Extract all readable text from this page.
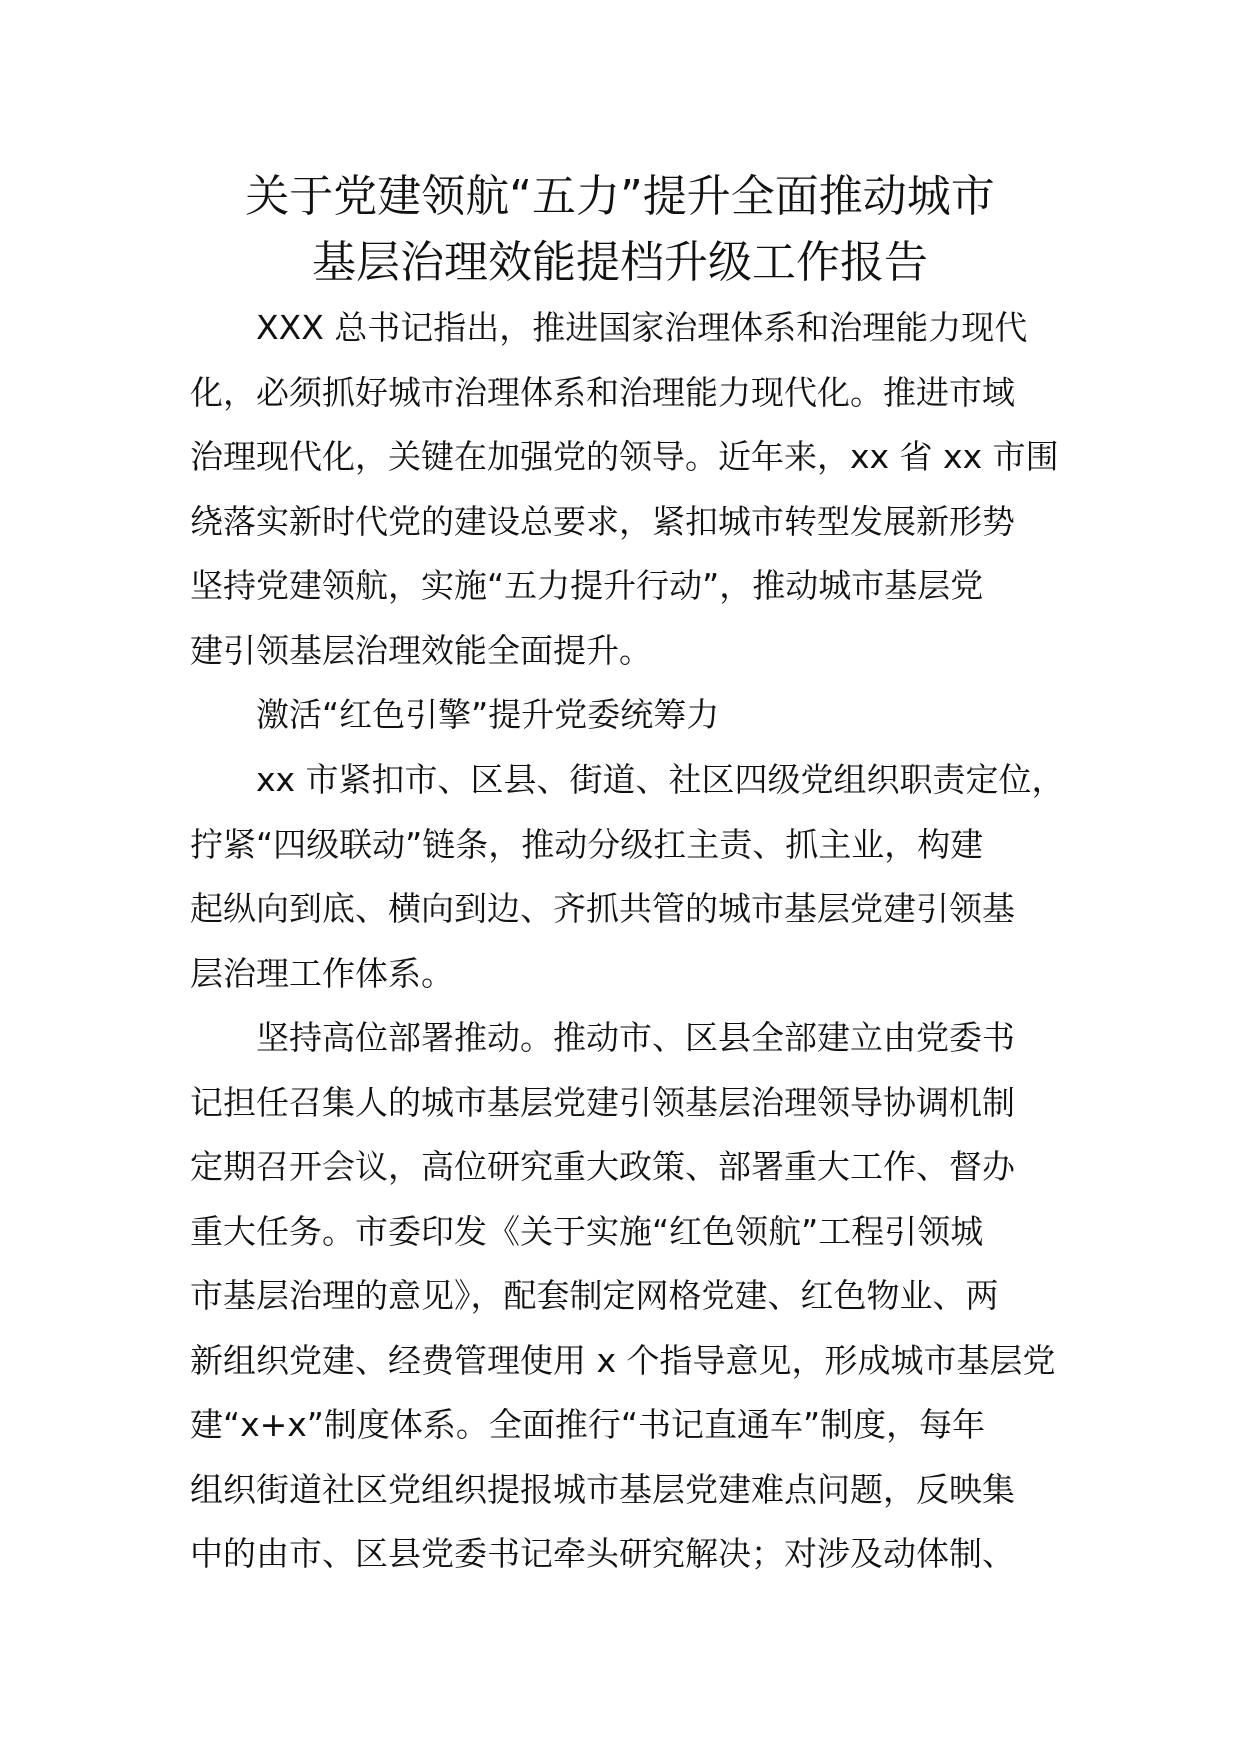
关于党建领航“五力”提升全面推动城市
基层治理效能提档升级工作报告
XXX 总书记指出，推进国家治理体系和治理能力现代
化，必须抓好城市治理体系和治理能力现代化。推进市域
治理现代化，关键在加强党的领导。近年来，xx 省 xx 市围
绕落实新时代党的建设总要求，紧扣城市转型发展新形势
坚持党建领航，实施“五力提升行动”，推动城市基层党
建引领基层治理效能全面提升。
激活“红色引擎”提升党委统筹力
xx 市紧扣市、区县、街道、社区四级党组织职责定位，
拧紧“四级联动”链条，推动分级扛主责、抓主业，构建
起纵向到底、横向到边、齐抓共管的城市基层党建引领基
层治理工作体系。
坚持高位部署推动。推动市、区县全部建立由党委书
记担任召集人的城市基层党建引领基层治理领导协调机制
定期召开会议，高位研究重大政策、部署重大工作、督办
重大任务。市委印发《关于实施“红色领航”工程引领城
市基层治理的意见》，配套制定网格党建、红色物业、两
新组织党建、经费管理使用 x 个指导意见，形成城市基层党
建“x+x”制度体系。全面推行“书记直通车”制度，每年
组织街道社区党组织提报城市基层党建难点问题，反映集
中的由市、区县党委书记牵头研究解决；对涉及动体制、
